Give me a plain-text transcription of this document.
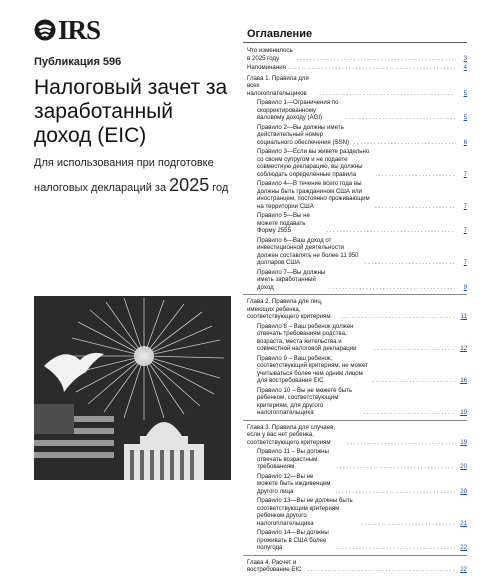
IRS
Публикация 596
Налоговый зачет за заработанный доход (EIC)
Для использования при подготовке налоговых деклараций за 2025 год
Оглавление
Что изменилось в 2025 году . . .	3
Напоминания . . .	4
Глава 1. Правила для всех налогоплательщиков . . .	5
Правило 1—Ограничения по скорректированному валовому доходу (AGI) . . .	5
Правило 2—Вы должны иметь действительный номер социального обеспечения (SSN) . . .	6
Правило 3—Если вы живете раздельно со своим супругом и не подаете совместную декларацию, вы должны соблюдать определенные правила . . .	7
Правило 4—В течение всего года вы должны быть гражданином США или иностранцем, постоянно проживающим на территории США . . .	7
Правило 5—Вы не можете подавать Форму 2555 . . .	7
Правило 6—Ваш доход от инвестиционной деятельности должен составлять не более 11 950 долларов США . . .	7
Правило 7—Вы должны иметь заработанный доход . . .	9
Глава 2. Правила для лиц, имеющих ребенка, соответствующего критериям . . .	11
Правило 8 – Ваш ребенок должен отвечать требованиям родства, возраста, места жительства и совместной налоговой декларации . . .	12
Правило 9 – Ваш ребенок, соответствующий критериям, не может учитываться более чем одним лицом для востребования EIC . . .	16
Правило 10 – Вы не можете быть ребенком, соответствующим критериям, для другого налогоплательщика . . .	19
Глава 3. Правила для случаев, если у вас нет ребенка, соответствующего критериям . . .	19
Правило 11 – Вы должны отвечать возрастным требованиям . . .	20
Правило 12—Вы не можете быть иждивенцем другого лица . . .	20
Правило 13—Вы не должны быть соответствующим критериям ребенком другого налогоплательщика . . .	21
Правило 14—Вы должны проживать в США более полугода . . .	22
Глава 4. Расчет и востребование EIC . . .	22
